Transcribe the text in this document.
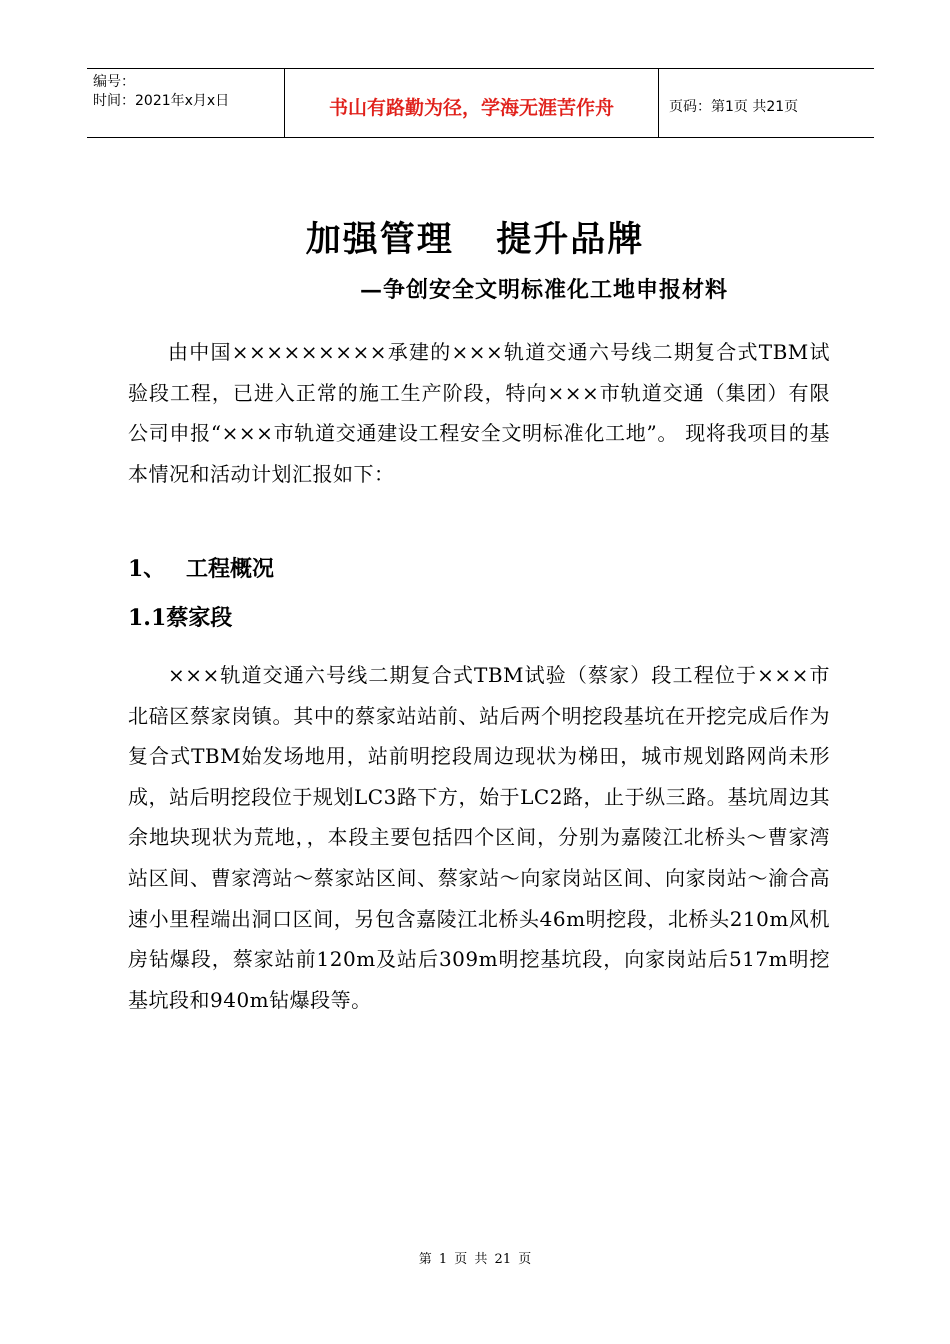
编号：
时间：2021年x月x日	书山有路勤为径，学海无涯苦作舟	页码：第1页 共21页
加强管理   提升品牌
—争创安全文明标准化工地申报材料
由中国×××××××××承建的×××轨道交通六号线二期复合式TBM试验段工程，已进入正常的施工生产阶段，特向×××市轨道交通（集团）有限公司申报“×××市轨道交通建设工程安全文明标准化工地”。 现将我项目的基本情况和活动计划汇报如下：
1、 工程概况
1.1蔡家段
×××轨道交通六号线二期复合式TBM试验（蔡家）段工程位于×××市北碚区蔡家岗镇。其中的蔡家站站前、站后两个明挖段基坑在开挖完成后作为复合式TBM始发场地用，站前明挖段周边现状为梯田，城市规划路网尚未形成，站后明挖段位于规划LC3路下方，始于LC2路，止于纵三路。基坑周边其余地块现状为荒地，，本段主要包括四个区间，分别为嘉陵江北桥头～曹家湾站区间、曹家湾站～蔡家站区间、蔡家站～向家岗站区间、向家岗站～渝合高速小里程端出洞口区间，另包含嘉陵江北桥头46m明挖段，北桥头210m风机房钻爆段，蔡家站前120m及站后309m明挖基坑段，向家岗站后517m明挖基坑段和940m钻爆段等。
第 1 页 共 21 页
